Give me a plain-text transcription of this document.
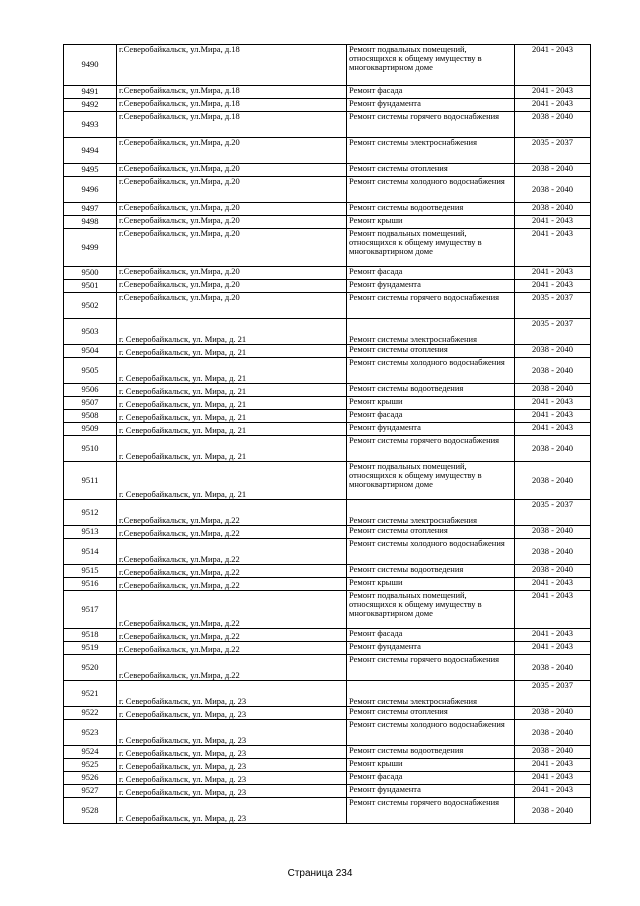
9490	г.Северобайкальск, ул.Мира, д.18	Ремонт подвальных помещений, относящихся к общему имуществу в многоквартирном доме	2041 - 2043
9491	г.Северобайкальск, ул.Мира, д.18	Ремонт фасада	2041 - 2043
9492	г.Северобайкальск, ул.Мира, д.18	Ремонт фундамента	2041 - 2043
9493	г.Северобайкальск, ул.Мира, д.18	Ремонт системы горячего водоснабжения	2038 - 2040
9494	г.Северобайкальск, ул.Мира, д.20	Ремонт системы электроснабжения	2035 - 2037
9495	г.Северобайкальск, ул.Мира, д.20	Ремонт системы отопления	2038 - 2040
9496	г.Северобайкальск, ул.Мира, д.20	Ремонт системы холодного водоснабжения	2038 - 2040
9497	г.Северобайкальск, ул.Мира, д.20	Ремонт системы водоотведения	2038 - 2040
9498	г.Северобайкальск, ул.Мира, д.20	Ремонт крыши	2041 - 2043
9499	г.Северобайкальск, ул.Мира, д.20	Ремонт подвальных помещений, относящихся к общему имуществу в многоквартирном доме	2041 - 2043
9500	г.Северобайкальск, ул.Мира, д.20	Ремонт фасада	2041 - 2043
9501	г.Северобайкальск, ул.Мира, д.20	Ремонт фундамента	2041 - 2043
9502	г.Северобайкальск, ул.Мира, д.20	Ремонт системы горячего водоснабжения	2035 - 2037
9503	г. Северобайкальск, ул. Мира, д. 21	Ремонт системы электроснабжения	2035 - 2037
9504	г. Северобайкальск, ул. Мира, д. 21	Ремонт системы отопления	2038 - 2040
9505	г. Северобайкальск, ул. Мира, д. 21	Ремонт системы холодного водоснабжения	2038 - 2040
9506	г. Северобайкальск, ул. Мира, д. 21	Ремонт системы водоотведения	2038 - 2040
9507	г. Северобайкальск, ул. Мира, д. 21	Ремонт крыши	2041 - 2043
9508	г. Северобайкальск, ул. Мира, д. 21	Ремонт фасада	2041 - 2043
9509	г. Северобайкальск, ул. Мира, д. 21	Ремонт фундамента	2041 - 2043
9510	г. Северобайкальск, ул. Мира, д. 21	Ремонт системы горячего водоснабжения	2038 - 2040
9511	г. Северобайкальск, ул. Мира, д. 21	Ремонт подвальных помещений, относящихся к общему имуществу в многоквартирном доме	2038 - 2040
9512	г.Северобайкальск, ул.Мира, д.22	Ремонт системы электроснабжения	2035 - 2037
9513	г.Северобайкальск, ул.Мира, д.22	Ремонт системы отопления	2038 - 2040
9514	г.Северобайкальск, ул.Мира, д.22	Ремонт системы холодного водоснабжения	2038 - 2040
9515	г.Северобайкальск, ул.Мира, д.22	Ремонт системы водоотведения	2038 - 2040
9516	г.Северобайкальск, ул.Мира, д.22	Ремонт крыши	2041 - 2043
9517	г.Северобайкальск, ул.Мира, д.22	Ремонт подвальных помещений, относящихся к общему имуществу в многоквартирном доме	2041 - 2043
9518	г.Северобайкальск, ул.Мира, д.22	Ремонт фасада	2041 - 2043
9519	г.Северобайкальск, ул.Мира, д.22	Ремонт фундамента	2041 - 2043
9520	г.Северобайкальск, ул.Мира, д.22	Ремонт системы горячего водоснабжения	2038 - 2040
9521	г. Северобайкальск, ул. Мира, д. 23	Ремонт системы электроснабжения	2035 - 2037
9522	г. Северобайкальск, ул. Мира, д. 23	Ремонт системы отопления	2038 - 2040
9523	г. Северобайкальск, ул. Мира, д. 23	Ремонт системы холодного водоснабжения	2038 - 2040
9524	г. Северобайкальск, ул. Мира, д. 23	Ремонт системы водоотведения	2038 - 2040
9525	г. Северобайкальск, ул. Мира, д. 23	Ремонт крыши	2041 - 2043
9526	г. Северобайкальск, ул. Мира, д. 23	Ремонт фасада	2041 - 2043
9527	г. Северобайкальск, ул. Мира, д. 23	Ремонт фундамента	2041 - 2043
9528	г. Северобайкальск, ул. Мира, д. 23	Ремонт системы горячего водоснабжения	2038 - 2040
Страница 234
